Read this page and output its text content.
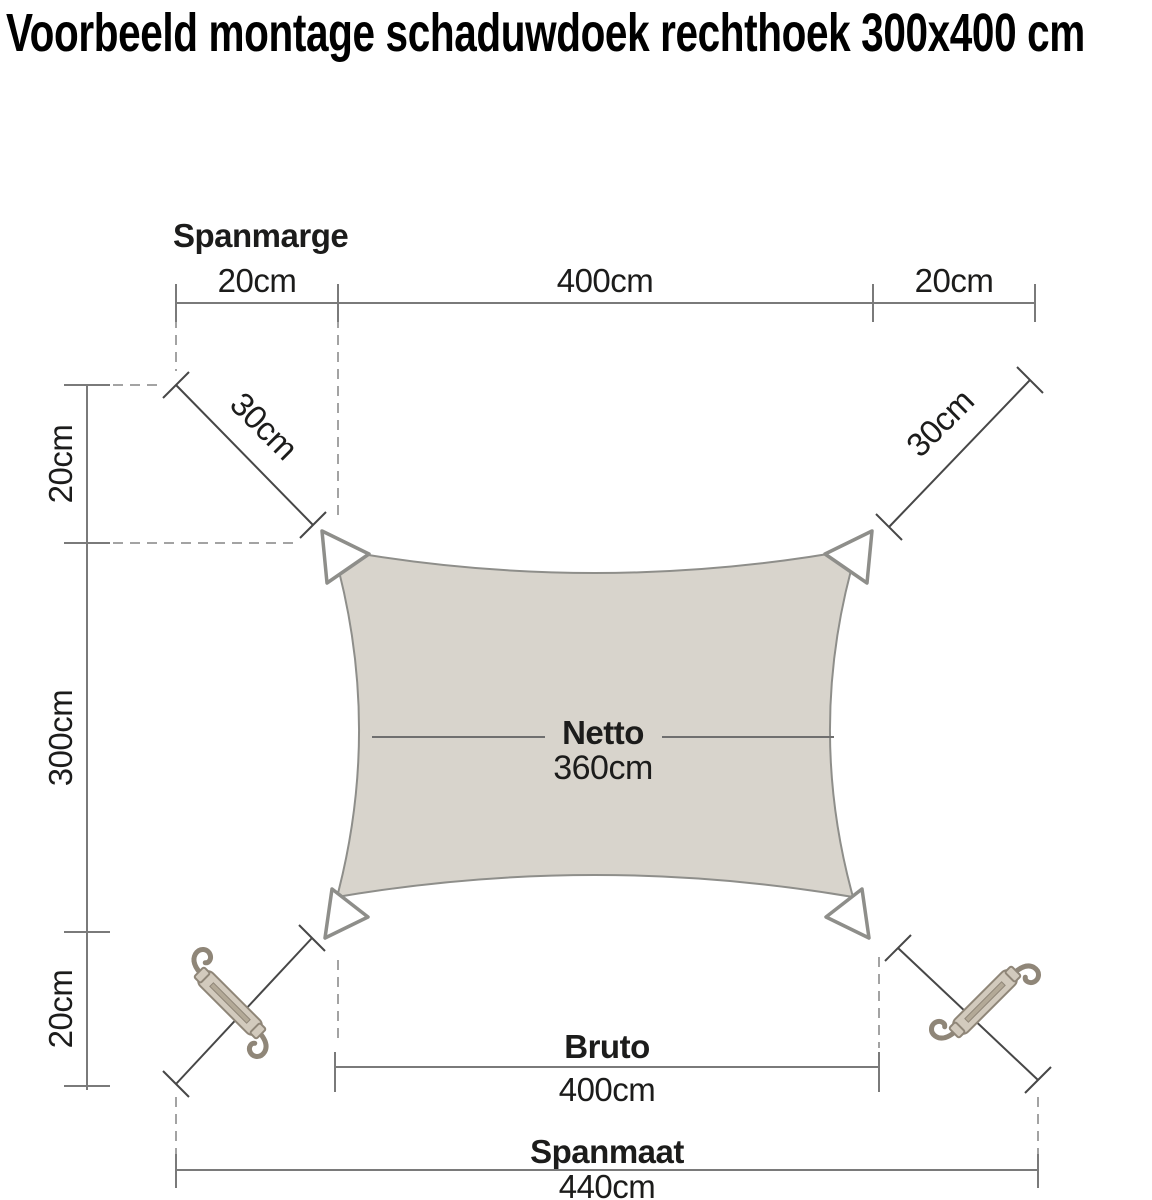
Voorbeeld montage schaduwdoek rechthoek 300x400 cm
Spanmarge
20cm	400cm	20cm
20cm
300cm
20cm
Netto
360cm
30cm	30cm
Bruto
400cm
Spanmaat
440cm
